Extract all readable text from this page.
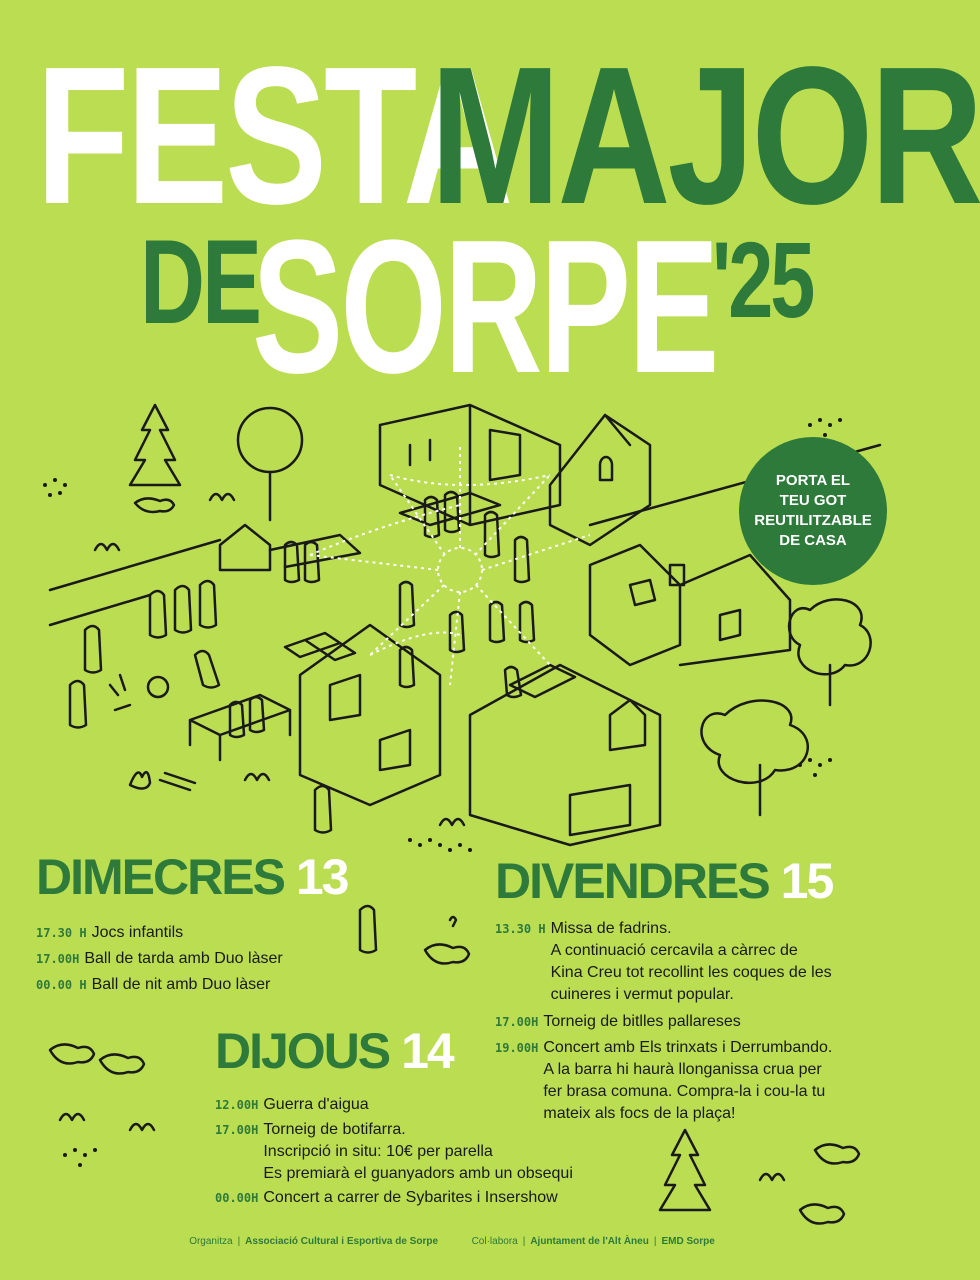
FESTA
MAJOR
DE
SORPE
'25
PORTA EL
TEU GOT
REUTILITZABLE
DE CASA
DIMECRES 13
17.30 H Jocs infantils
17.00H Ball de tarda amb Duo làser
00.00 H Ball de nit amb Duo làser
DIJOUS 14
12.00H Guerra d'aigua
17.00H Torneig de botifarra.
Inscripció in situ: 10€ per parella
Es premiarà el guanyadors amb un obsequi
00.00H Concert a carrer de Sybarites i Insershow
DIVENDRES 15
13.30 H Missa de fadrins.
A continuació cercavila a càrrec de
Kina Creu tot recollint les coques de les
cuineres i vermut popular.
17.00H Torneig de bitlles pallareses
19.00H Concert amb Els trinxats i Derrumbando.
A la barra hi haurà llonganissa crua per
fer brasa comuna. Compra-la i cou-la tu
mateix als focs de la plaça!
Organitza | Associació Cultural i Esportiva de Sorpe	Col·labora | Ajuntament de l'Alt Àneu | EMD Sorpe
